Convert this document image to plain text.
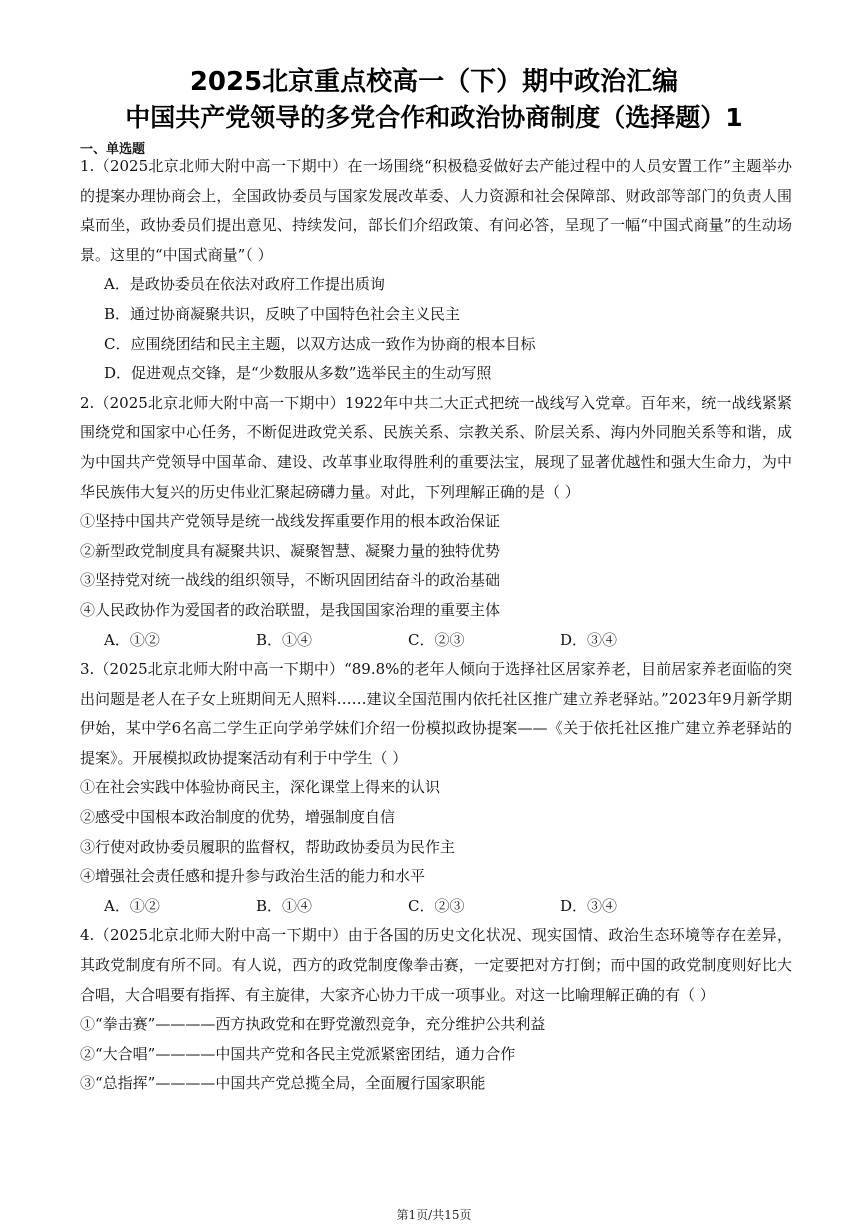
2025北京重点校高一（下）期中政治汇编
中国共产党领导的多党合作和政治协商制度（选择题）1
一、单选题

1.（2025北京北师大附中高一下期中）在一场围绕“积极稳妥做好去产能过程中的人员安置工作”主题举办的提案办理协商会上，全国政协委员与国家发展改革委、人力资源和社会保障部、财政部等部门的负责人围桌而坐，政协委员们提出意见、持续发问，部长们介绍政策、有问必答，呈现了一幅“中国式商量”的生动场景。这里的“中国式商量”（ ）

A．是政协委员在依法对政府工作提出质询

B．通过协商凝聚共识，反映了中国特色社会主义民主

C．应围绕团结和民主主题，以双方达成一致作为协商的根本目标

D．促进观点交锋，是“少数服从多数”选举民主的生动写照

2.（2025北京北师大附中高一下期中）1922年中共二大正式把统一战线写入党章。百年来，统一战线紧紧围绕党和国家中心任务，不断促进政党关系、民族关系、宗教关系、阶层关系、海内外同胞关系等和谐，成为中国共产党领导中国革命、建设、改革事业取得胜利的重要法宝，展现了显著优越性和强大生命力，为中华民族伟大复兴的历史伟业汇聚起磅礴力量。对此，下列理解正确的是（ ）

①坚持中国共产党领导是统一战线发挥重要作用的根本政治保证

②新型政党制度具有凝聚共识、凝聚智慧、凝聚力量的独特优势

③坚持党对统一战线的组织领导，不断巩固团结奋斗的政治基础

④人民政协作为爱国者的政治联盟，是我国国家治理的重要主体

A．①②	B．①④	C．②③	D．③④

3.（2025北京北师大附中高一下期中）“89.8%的老年人倾向于选择社区居家养老，目前居家养老面临的突出问题是老人在子女上班期间无人照料……建议全国范围内依托社区推广建立养老驿站。”2023年9月新学期伊始，某中学6名高二学生正向学弟学妹们介绍一份模拟政协提案——《关于依托社区推广建立养老驿站的提案》。开展模拟政协提案活动有利于中学生（ ）

①在社会实践中体验协商民主，深化课堂上得来的认识

②感受中国根本政治制度的优势，增强制度自信

③行使对政协委员履职的监督权，帮助政协委员为民作主

④增强社会责任感和提升参与政治生活的能力和水平

A．①②	B．①④	C．②③	D．③④

4.（2025北京北师大附中高一下期中）由于各国的历史文化状况、现实国情、政治生态环境等存在差异，其政党制度有所不同。有人说，西方的政党制度像拳击赛，一定要把对方打倒；而中国的政党制度则好比大合唱，大合唱要有指挥、有主旋律，大家齐心协力干成一项事业。对这一比喻理解正确的有（ ）

①“拳击赛”————西方执政党和在野党激烈竞争，充分维护公共利益

②“大合唱”————中国共产党和各民主党派紧密团结，通力合作

③“总指挥”————中国共产党总揽全局，全面履行国家职能

第1页/共15页
